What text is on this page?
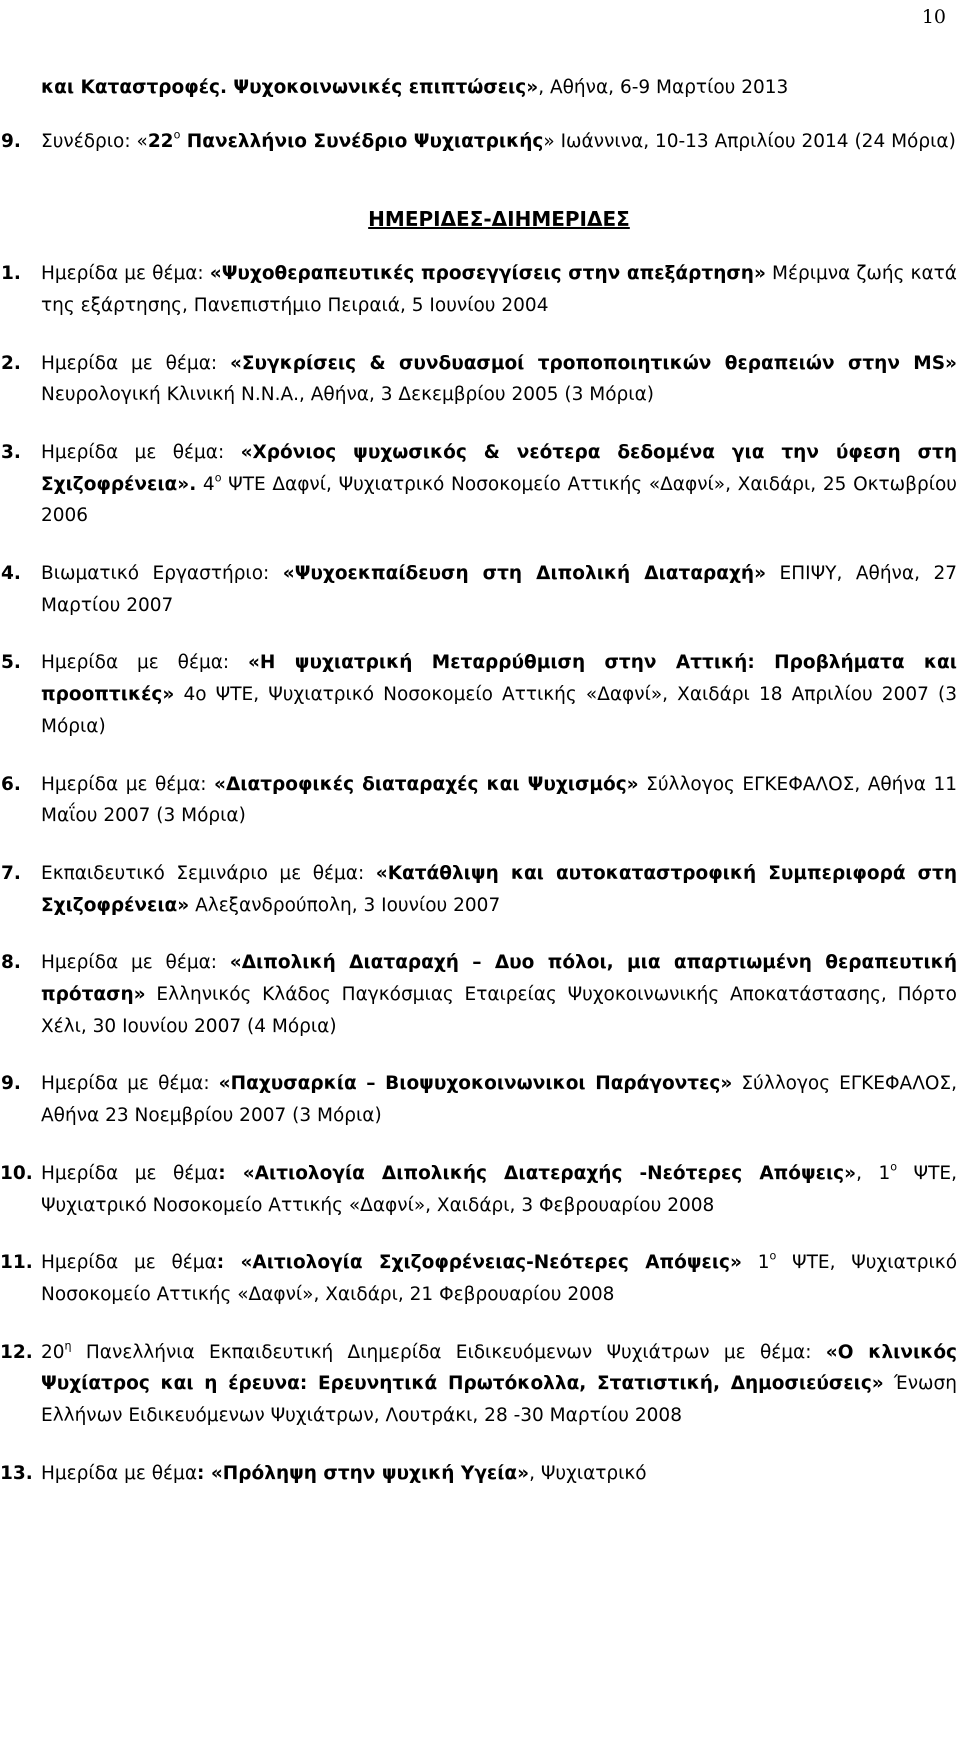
10
και Καταστροφές. Ψυχοκοινωνικές επιπτώσεις», Αθήνα, 6-9 Μαρτίου 2013
9. Συνέδριο: «$22^o$ Πανελλήνιο Συνέδριο Ψυχιατρικής» Ιωάννινα, 10-13 Απριλίου 2014 (24 Μόρια)
ΗΜΕΡΙΔΕΣ-ΔΙΗΜΕΡΙΔΕΣ
1. Ημερίδα με θέμα: «Ψυχοθεραπευτικές προσεγγίσεις στην απεξάρτηση» Μέριμνα ζωής κατά της εξάρτησης, Πανεπιστήμιο Πειραιά, 5 Ιουνίου 2004
2. Ημερίδα με θέμα: «Συγκρίσεις & συνδυασμοί τροποποιητικών θεραπειών στην MS» Νευρολογική Κλινική Ν.Ν.Α., Αθήνα, 3 Δεκεμβρίου 2005 (3 Μόρια)
3. Ημερίδα με θέμα: «Χρόνιος ψυχωσικός & νεότερα δεδομένα για την ύφεση στη Σχιζοφρένεια». $4^o$ ΨΤΕ Δαφνί, Ψυχιατρικό Νοσοκομείο Αττικής «Δαφνί», Χαιδάρι, 25 Οκτωβρίου 2006
4. Βιωματικό Εργαστήριο: «Ψυχοεκπαίδευση στη Διπολική Διαταραχή» ΕΠΙΨΥ, Αθήνα, 27 Μαρτίου 2007
5. Ημερίδα με θέμα: «Η ψυχιατρική Μεταρρύθμιση στην Αττική: Προβλήματα και προοπτικές» 4ο ΨΤΕ, Ψυχιατρικό Νοσοκομείο Αττικής «Δαφνί», Χαιδάρι 18 Απριλίου 2007 (3 Μόρια)
6. Ημερίδα με θέμα: «Διατροφικές διαταραχές και Ψυχισμός» Σύλλογος ΕΓΚΕΦΑΛΟΣ, Αθήνα 11 Μαΐου 2007 (3 Μόρια)
7. Εκπαιδευτικό Σεμινάριο με θέμα: «Κατάθλιψη και αυτοκαταστροφική Συμπεριφορά στη Σχιζοφρένεια» Αλεξανδρούπολη, 3 Ιουνίου 2007
8. Ημερίδα με θέμα: «Διπολική Διαταραχή – Δυο πόλοι, μια απαρτιωμένη θεραπευτική πρόταση» Ελληνικός Κλάδος Παγκόσμιας Εταιρείας Ψυχοκοινωνικής Αποκατάστασης, Πόρτο Χέλι, 30 Ιουνίου 2007 (4 Μόρια)
9. Ημερίδα με θέμα: «Παχυσαρκία – Βιοψυχοκοινωνικοι Παράγοντες» Σύλλογος ΕΓΚΕΦΑΛΟΣ, Αθήνα 23 Νοεμβρίου 2007 (3 Μόρια)
10. Ημερίδα με θέμα: «Αιτιολογία Διπολικής Διατεραχής -Νεότερες Απόψεις», $1^o$ ΨΤΕ, Ψυχιατρικό Νοσοκομείο Αττικής «Δαφνί», Χαιδάρι, 3 Φεβρουαρίου 2008
11. Ημερίδα με θέμα: «Αιτιολογία Σχιζοφρένειας-Νεότερες Απόψεις» $1^o$ ΨΤΕ, Ψυχιατρικό Νοσοκομείο Αττικής «Δαφνί», Χαιδάρι, 21 Φεβρουαρίου 2008
12. $20^\eta$ Πανελλήνια Εκπαιδευτική Διημερίδα Ειδικευόμενων Ψυχιάτρων με θέμα: «Ο κλινικός Ψυχίατρος και η έρευνα: Ερευνητικά Πρωτόκολλα, Στατιστική, Δημοσιεύσεις» Ένωση Ελλήνων Ειδικευόμενων Ψυχιάτρων, Λουτράκι, 28 -30 Μαρτίου 2008
13. Ημερίδα με θέμα: «Πρόληψη στην ψυχική Υγεία», Ψυχιατρικό
